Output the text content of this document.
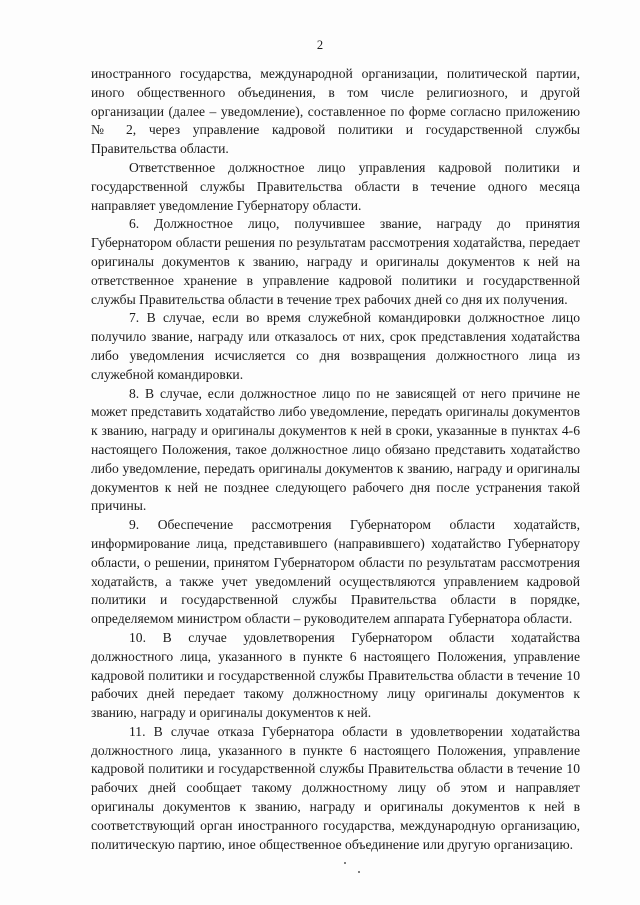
2

иностранного государства, международной организации, политической партии, иного общественного объединения, в том числе религиозного, и другой организации (далее – уведомление), составленное по форме согласно приложению № 2, через управление кадровой политики и государственной службы Правительства области.

Ответственное должностное лицо управления кадровой политики и государственной службы Правительства области в течение одного месяца направляет уведомление Губернатору области.

6. Должностное лицо, получившее звание, награду до принятия Губернатором области решения по результатам рассмотрения ходатайства, передает оригиналы документов к званию, награду и оригиналы документов к ней на ответственное хранение в управление кадровой политики и государственной службы Правительства области в течение трех рабочих дней со дня их получения.

7. В случае, если во время служебной командировки должностное лицо получило звание, награду или отказалось от них, срок представления ходатайства либо уведомления исчисляется со дня возвращения должностного лица из служебной командировки.

8. В случае, если должностное лицо по не зависящей от него причине не может представить ходатайство либо уведомление, передать оригиналы документов к званию, награду и оригиналы документов к ней в сроки, указанные в пунктах 4-6 настоящего Положения, такое должностное лицо обязано представить ходатайство либо уведомление, передать оригиналы документов к званию, награду и оригиналы документов к ней не позднее следующего рабочего дня после устранения такой причины.

9. Обеспечение рассмотрения Губернатором области ходатайств, информирование лица, представившего (направившего) ходатайство Губернатору области, о решении, принятом Губернатором области по результатам рассмотрения ходатайств, а также учет уведомлений осуществляются управлением кадровой политики и государственной службы Правительства области в порядке, определяемом министром области – руководителем аппарата Губернатора области.

10. В случае удовлетворения Губернатором области ходатайства должностного лица, указанного в пункте 6 настоящего Положения, управление кадровой политики и государственной службы Правительства области в течение 10 рабочих дней передает такому должностному лицу оригиналы документов к званию, награду и оригиналы документов к ней.

11. В случае отказа Губернатора области в удовлетворении ходатайства должностного лица, указанного в пункте 6 настоящего Положения, управление кадровой политики и государственной службы Правительства области в течение 10 рабочих дней сообщает такому должностному лицу об этом и направляет оригиналы документов к званию, награду и оригиналы документов к ней в соответствующий орган иностранного государства, международную организацию, политическую партию, иное общественное объединение или другую организацию.
